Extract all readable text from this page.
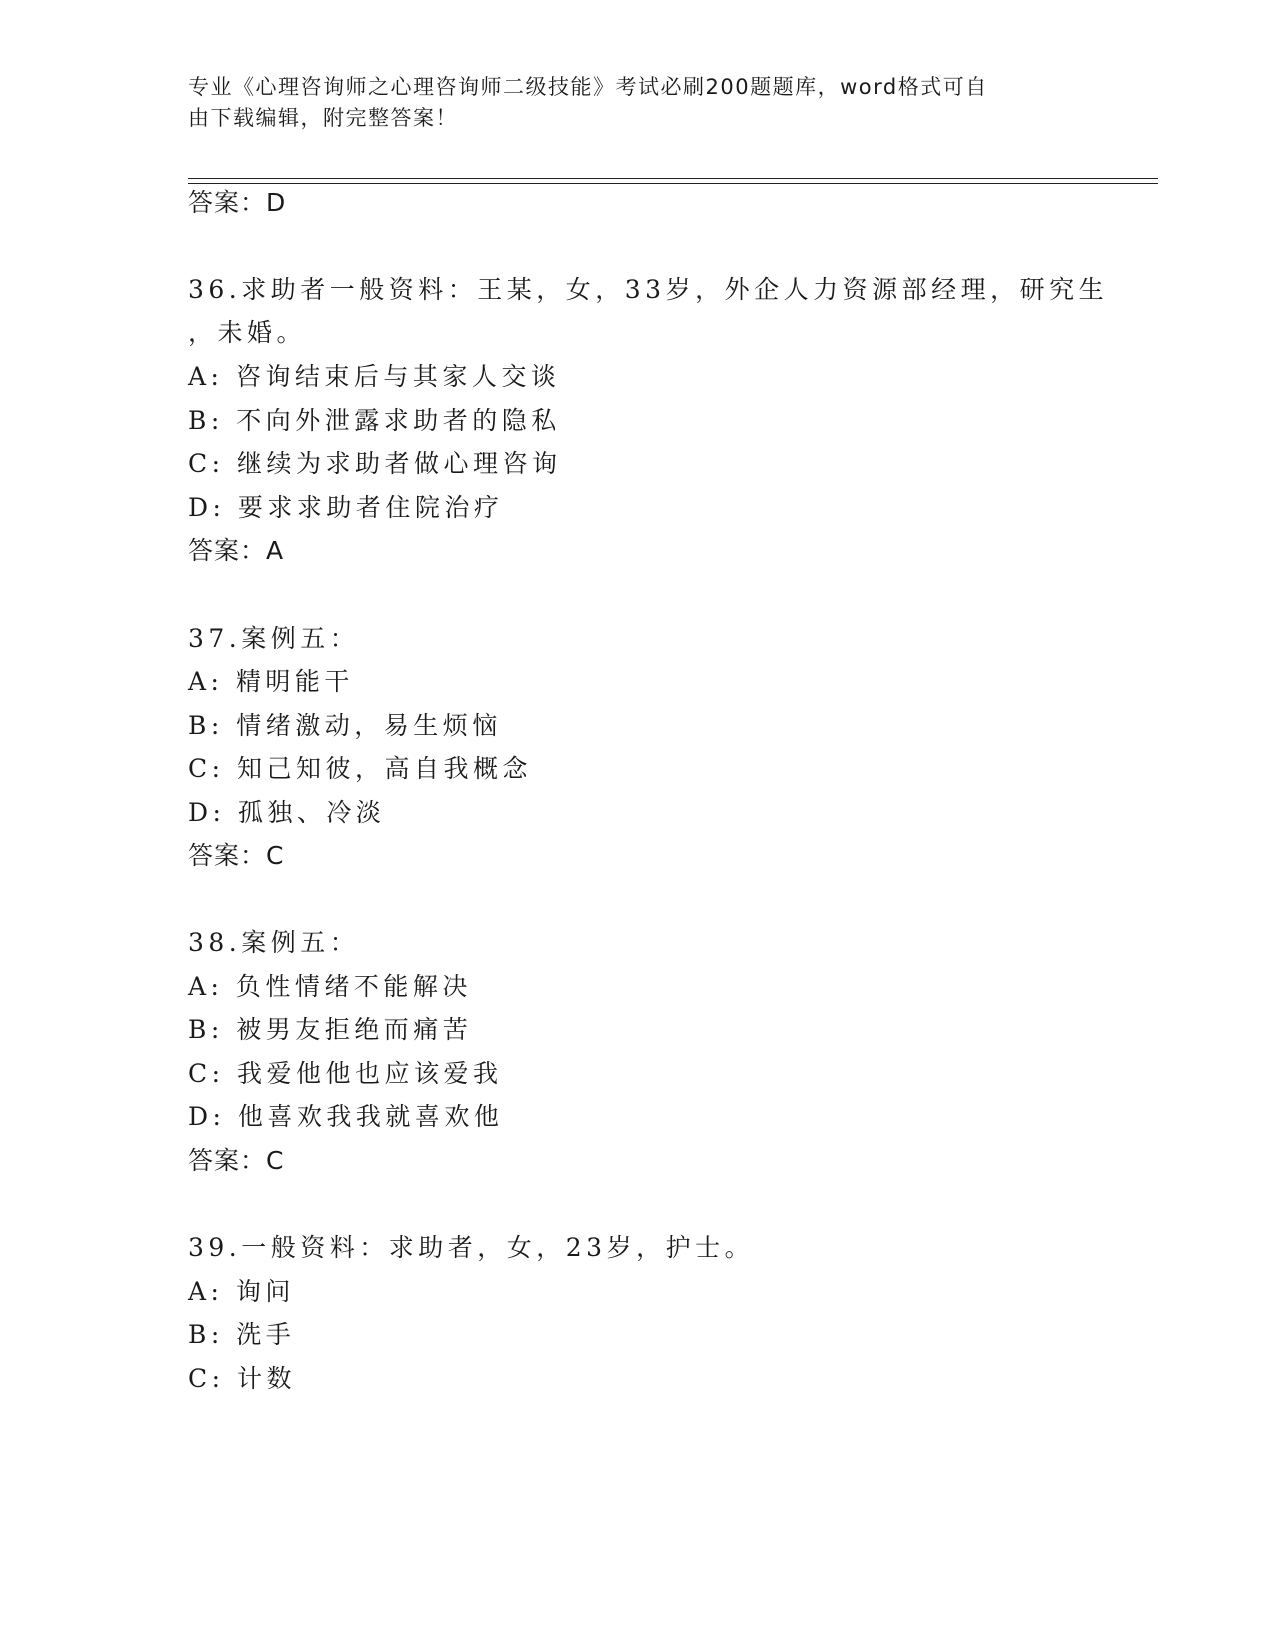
专业《心理咨询师之心理咨询师二级技能》考试必刷200题题库，word格式可自
由下载编辑，附完整答案！
答案：D
36.求助者一般资料：王某，女，33岁，外企人力资源部经理，研究生
，未婚。
A: 咨询结束后与其家人交谈
B: 不向外泄露求助者的隐私
C: 继续为求助者做心理咨询
D: 要求求助者住院治疗
答案：A
37.案例五：
A: 精明能干
B: 情绪激动，易生烦恼
C: 知己知彼，高自我概念
D: 孤独、冷淡
答案：C
38.案例五：
A: 负性情绪不能解决
B: 被男友拒绝而痛苦
C: 我爱他他也应该爱我
D: 他喜欢我我就喜欢他
答案：C
39.一般资料：求助者，女，23岁，护士。
A: 询问
B: 洗手
C: 计数
